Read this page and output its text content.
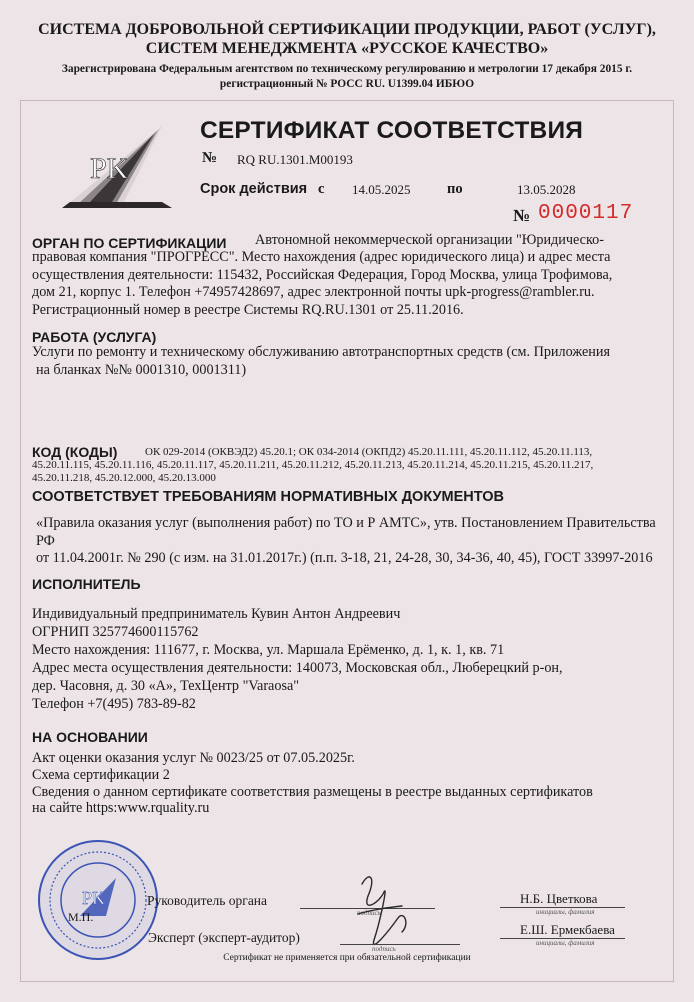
СИСТЕМА ДОБРОВОЛЬНОЙ СЕРТИФИКАЦИИ ПРОДУКЦИИ, РАБОТ (УСЛУГ),
СИСТЕМ МЕНЕДЖМЕНТА «РУССКОЕ КАЧЕСТВО»
Зарегистрирована Федеральным агентством по техническому регулированию и метрологии 17 декабря 2015 г.
регистрационный № РОСС RU. U1399.04 ИБЮО
PK
СЕРТИФИКАТ СООТВЕТСТВИЯ
№ RQ RU.1301.M00193
Срок действия с 14.05.2025	по	13.05.2028
№ 0000117
ОРГАН ПО СЕРТИФИКАЦИИ Автономной некоммерческой организации "Юридическо-
правовая компания "ПРОГРЕСС". Место нахождения (адрес юридического лица) и адрес места
осуществления деятельности: 115432, Российская Федерация, Город Москва, улица Трофимова,
дом 21, корпус 1. Телефон +74957428697, адрес электронной почты upk-progress@rambler.ru.
Регистрационный номер в реестре Системы RQ.RU.1301 от 25.11.2016.
РАБОТА (УСЛУГА)
Услуги по ремонту и техническому обслуживанию автотранспортных средств (см. Приложения
на бланках №№ 0001310, 0001311)
КОД (КОДЫ)	ОК 029-2014 (ОКВЭД2) 45.20.1; ОК 034-2014 (ОКПД2) 45.20.11.111, 45.20.11.112, 45.20.11.113,
45.20.11.115, 45.20.11.116, 45.20.11.117, 45.20.11.211, 45.20.11.212, 45.20.11.213, 45.20.11.214, 45.20.11.215, 45.20.11.217,
45.20.11.218, 45.20.12.000, 45.20.13.000
СООТВЕТСТВУЕТ ТРЕБОВАНИЯМ НОРМАТИВНЫХ ДОКУМЕНТОВ
«Правила оказания услуг (выполнения работ) по ТО и Р АМТС», утв. Постановлением Правительства РФ
от 11.04.2001г. № 290 (с изм. на 31.01.2017г.) (п.п. 3-18, 21, 24-28, 30, 34-36, 40, 45), ГОСТ 33997-2016
ИСПОЛНИТЕЛЬ
Индивидуальный предприниматель Кувин Антон Андреевич
ОГРНИП 325774600115762
Место нахождения: 111677, г. Москва, ул. Маршала Ерёменко, д. 1, к. 1, кв. 71
Адрес места осуществления деятельности: 140073, Московская обл., Люберецкий р-он,
дер. Часовня, д. 30 «А», ТехЦентр "Varaosa"
Телефон +7(495) 783-89-82
НА ОСНОВАНИИ
Акт оценки оказания услуг № 0023/25 от 07.05.2025г.
Схема сертификации 2
Сведения о данном сертификате соответствия размещены в реестре выданных сертификатов
на сайте https:www.rquality.ru
PK
М.П.
Руководитель органа
подпись
Н.Б. Цветкова
инициалы, фамилия
Эксперт (эксперт-аудитор)
подпись
Е.Ш. Ермекбаева
инициалы, фамилия
Сертификат не применяется при обязательной сертификации
